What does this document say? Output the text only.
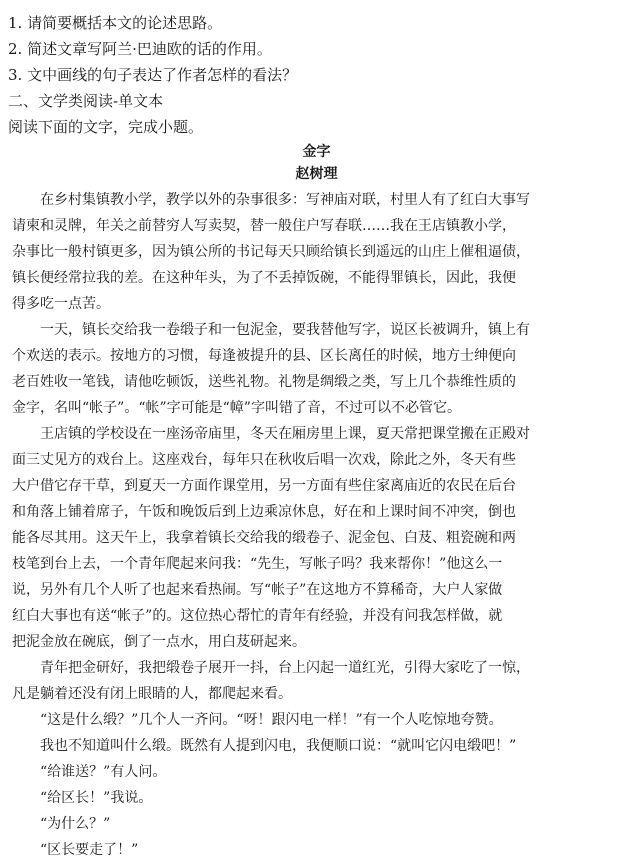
1. 请简要概括本文的论述思路。
2. 简述文章写阿兰·巴迪欧的话的作用。
3. 文中画线的句子表达了作者怎样的看法？
二、文学类阅读-单文本
阅读下面的文字，完成小题。
金字
赵树理
在乡村集镇教小学，教学以外的杂事很多：写神庙对联，村里人有了红白大事写
请柬和灵牌，年关之前替穷人写卖契，替一般住户写春联……我在王店镇教小学，
杂事比一般村镇更多，因为镇公所的书记每天只顾给镇长到遥远的山庄上催租逼债，
镇长便经常拉我的差。在这种年头，为了不丢掉饭碗，不能得罪镇长，因此，我便
得多吃一点苦。
一天，镇长交给我一卷缎子和一包泥金，要我替他写字，说区长被调升，镇上有
个欢送的表示。按地方的习惯，每逢被提升的县、区长离任的时候，地方士绅便向
老百姓收一笔钱，请他吃顿饭，送些礼物。礼物是绸缎之类，写上几个恭维性质的
金字，名叫“帐子”。“帐”字可能是“幛”字叫错了音，不过可以不必管它。
王店镇的学校设在一座汤帝庙里，冬天在厢房里上课，夏天常把课堂搬在正殿对
面三丈见方的戏台上。这座戏台，每年只在秋收后唱一次戏，除此之外，冬天有些
大户借它存干草，到夏天一方面作课堂用，另一方面有些住家离庙近的农民在后台
和角落上铺着席子，午饭和晚饭后到上边乘凉休息，好在和上课时间不冲突，倒也
能各尽其用。这天午上，我拿着镇长交给我的缎卷子、泥金包、白芨、粗瓷碗和两
枝笔到台上去，一个青年爬起来问我：“先生，写帐子吗？我来帮你！”他这么一
说，另外有几个人听了也起来看热闹。写“帐子”在这地方不算稀奇，大户人家做
红白大事也有送“帐子”的。这位热心帮忙的青年有经验，并没有问我怎样做，就
把泥金放在碗底，倒了一点水，用白芨研起来。
青年把金研好，我把缎卷子展开一抖，台上闪起一道红光，引得大家吃了一惊，
凡是躺着还没有闭上眼睛的人，都爬起来看。
“这是什么缎？”几个人一齐问。“呀！跟闪电一样！”有一个人吃惊地夸赞。
我也不知道叫什么缎。既然有人提到闪电，我便顺口说：“就叫它闪电缎吧！”
“给谁送？”有人问。
“给区长！”我说。
“为什么？”
“区长要走了！”
